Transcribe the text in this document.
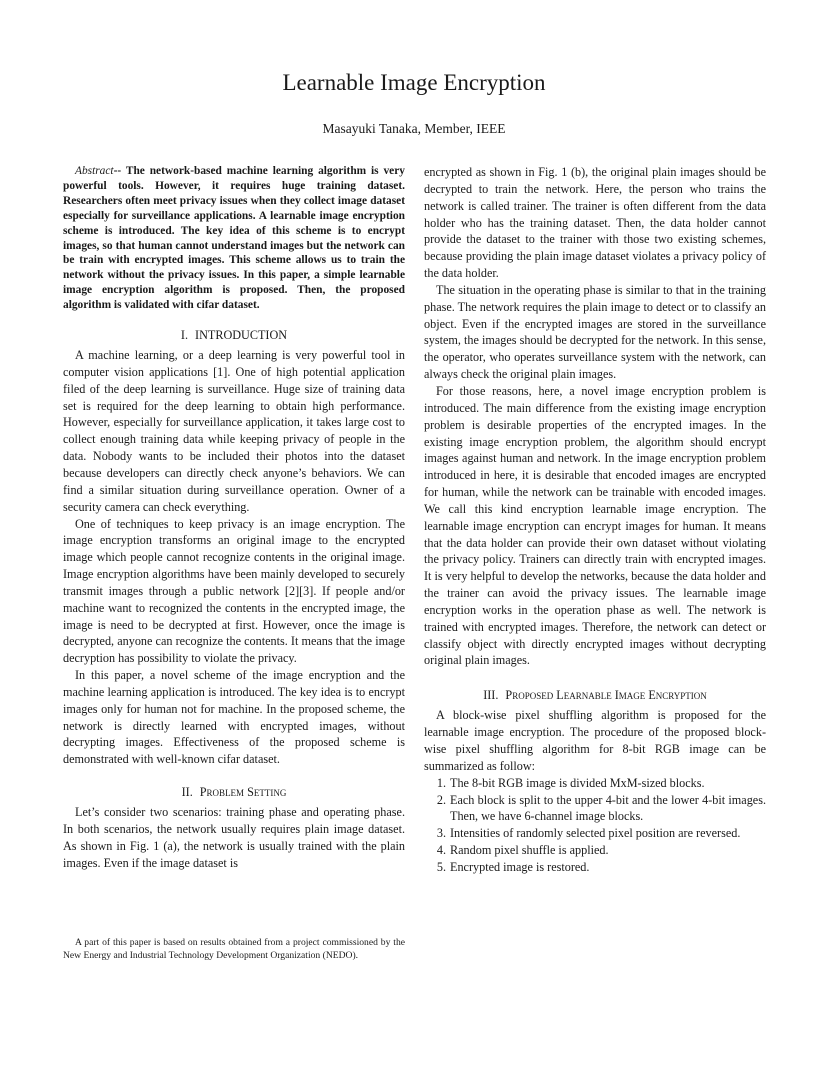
Learnable Image Encryption
Masayuki Tanaka, Member, IEEE

Abstract-- The network-based machine learning algorithm is very powerful tools. However, it requires huge training dataset. Researchers often meet privacy issues when they collect image dataset especially for surveillance applications. A learnable image encryption scheme is introduced. The key idea of this scheme is to encrypt images, so that human cannot understand images but the network can be train with encrypted images. This scheme allows us to train the network without the privacy issues. In this paper, a simple learnable image encryption algorithm is proposed. Then, the proposed algorithm is validated with cifar dataset.

I. INTRODUCTION

A machine learning, or a deep learning is very powerful tool in computer vision applications [1]. One of high potential application filed of the deep learning is surveillance. Huge size of training data set is required for the deep learning to obtain high performance. However, especially for surveillance application, it takes large cost to collect enough training data while keeping privacy of people in the data. Nobody wants to be included their photos into the dataset because developers can directly check anyone’s behaviors. We can find a similar situation during surveillance operation. Owner of a security camera can check everything.

One of techniques to keep privacy is an image encryption. The image encryption transforms an original image to the encrypted image which people cannot recognize contents in the original image. Image encryption algorithms have been mainly developed to securely transmit images through a public network [2][3]. If people and/or machine want to recognized the contents in the encrypted image, the image is need to be decrypted at first. However, once the image is decrypted, anyone can recognize the contents. It means that the image decryption has possibility to violate the privacy.

In this paper, a novel scheme of the image encryption and the machine learning application is introduced. The key idea is to encrypt images only for human not for machine. In the proposed scheme, the network is directly learned with encrypted images, without decrypting images. Effectiveness of the proposed scheme is demonstrated with well-known cifar dataset.

II. Problem Setting

Let’s consider two scenarios: training phase and operating phase. In both scenarios, the network usually requires plain image dataset. As shown in Fig. 1 (a), the network is usually trained with the plain images. Even if the image dataset is

A part of this paper is based on results obtained from a project commissioned by the New Energy and Industrial Technology Development Organization (NEDO).

encrypted as shown in Fig. 1 (b), the original plain images should be decrypted to train the network. Here, the person who trains the network is called trainer. The trainer is often different from the data holder who has the training dataset. Then, the data holder cannot provide the dataset to the trainer with those two existing schemes, because providing the plain image dataset violates a privacy policy of the data holder.

The situation in the operating phase is similar to that in the training phase. The network requires the plain image to detect or to classify an object. Even if the encrypted images are stored in the surveillance system, the images should be decrypted for the network. In this sense, the operator, who operates surveillance system with the network, can always check the original plain images.

For those reasons, here, a novel image encryption problem is introduced. The main difference from the existing image encryption problem is desirable properties of the encrypted images. In the existing image encryption problem, the algorithm should encrypt images against human and network. In the image encryption problem introduced in here, it is desirable that encoded images are encrypted for human, while the network can be trainable with encoded images. We call this kind encryption learnable image encryption. The learnable image encryption can encrypt images for human. It means that the data holder can provide their own dataset without violating the privacy policy. Trainers can directly train with encrypted images. It is very helpful to develop the networks, because the data holder and the trainer can avoid the privacy issues. The learnable image encryption works in the operation phase as well. The network is trained with encrypted images. Therefore, the network can detect or classify object with directly encrypted images without decrypting original plain images.

III. Proposed Learnable Image Encryption

A block-wise pixel shuffling algorithm is proposed for the learnable image encryption. The procedure of the proposed block-wise pixel shuffling algorithm for 8-bit RGB image can be summarized as follow:

1. The 8-bit RGB image is divided MxM-sized blocks.
2. Each block is split to the upper 4-bit and the lower 4-bit images. Then, we have 6-channel image blocks.
3. Intensities of randomly selected pixel position are reversed.
4. Random pixel shuffle is applied.
5. Encrypted image is restored.
